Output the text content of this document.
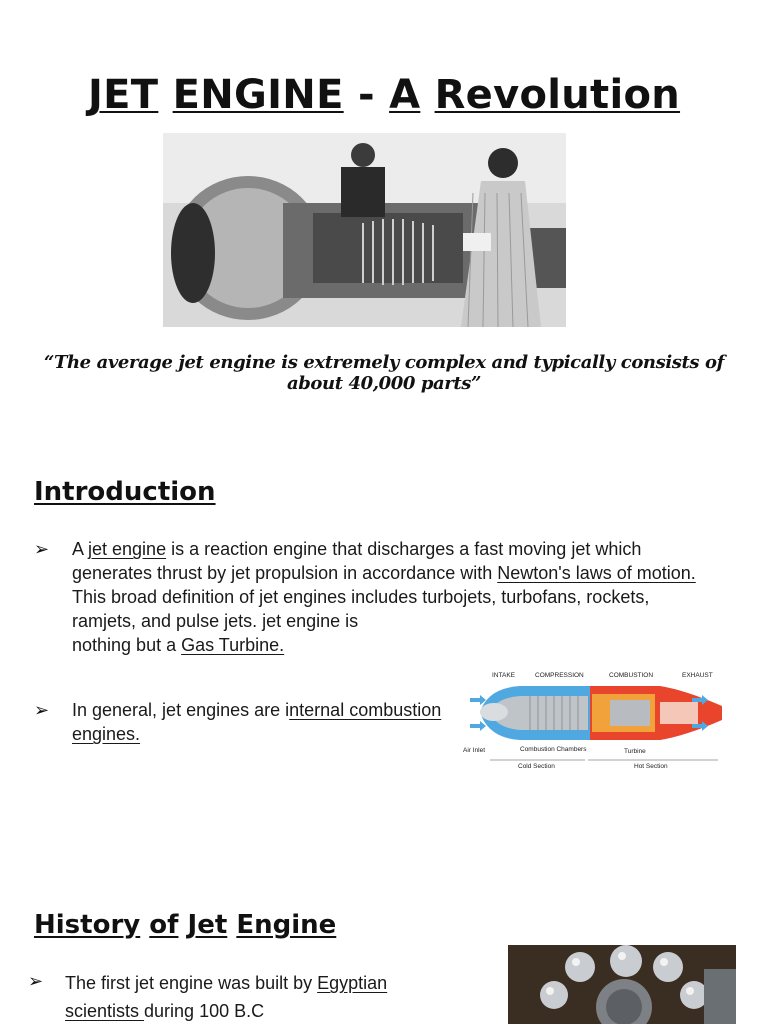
JET ENGINE - A Revolution
“The average jet engine is extremely complex and typically consists of about 40,000 parts”
Introduction
➢ A jet engine is a reaction engine that discharges a fast moving jet which generates thrust by jet propulsion in accordance with Newton's laws of motion. This broad definition of jet engines includes turbojets, turbofans, rockets, ramjets, and pulse jets. jet engine is
nothing but a Gas Turbine.
➢ In general, jet engines are internal combustion engines.
INTAKE	COMPRESSION	COMBUSTION	EXHAUST
Air Inlet	Combustion Chambers	Turbine
Cold Section	Hot Section
History of Jet Engine
➢ The first jet engine was built by Egyptian scientists during 100 B.C
